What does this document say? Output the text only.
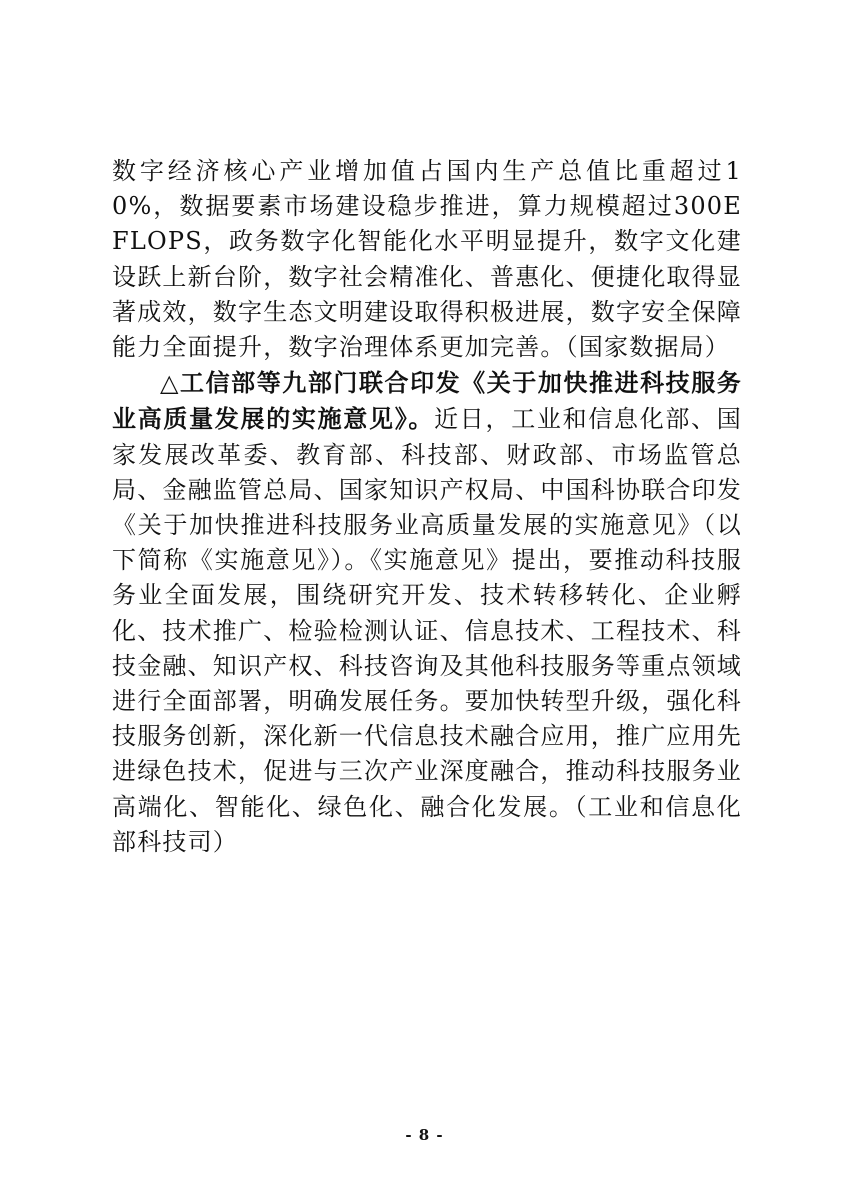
数字经济核心产业增加值占国内生产总值比重超过10%，数据要素市场建设稳步推进，算力规模超过300EFLOPS，政务数字化智能化水平明显提升，数字文化建设跃上新台阶，数字社会精准化、普惠化、便捷化取得显著成效，数字生态文明建设取得积极进展，数字安全保障能力全面提升，数字治理体系更加完善。（国家数据局）

△工信部等九部门联合印发《关于加快推进科技服务业高质量发展的实施意见》。近日，工业和信息化部、国家发展改革委、教育部、科技部、财政部、市场监管总局、金融监管总局、国家知识产权局、中国科协联合印发《关于加快推进科技服务业高质量发展的实施意见》（以下简称《实施意见》）。《实施意见》提出，要推动科技服务业全面发展，围绕研究开发、技术转移转化、企业孵化、技术推广、检验检测认证、信息技术、工程技术、科技金融、知识产权、科技咨询及其他科技服务等重点领域进行全面部署，明确发展任务。要加快转型升级，强化科技服务创新，深化新一代信息技术融合应用，推广应用先进绿色技术，促进与三次产业深度融合，推动科技服务业高端化、智能化、绿色化、融合化发展。（工业和信息化部科技司）

- 8 -
